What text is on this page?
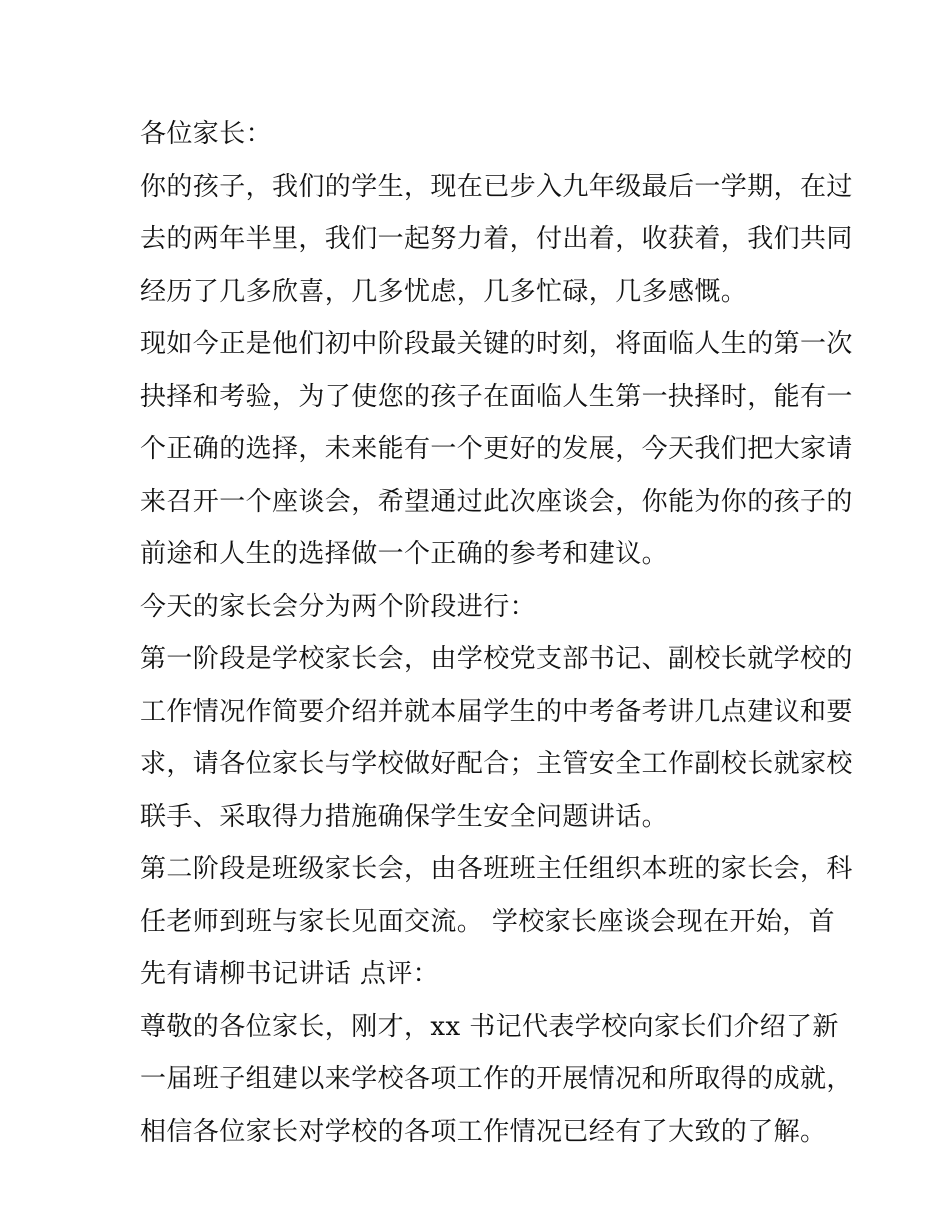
各位家长：
你的孩子，我们的学生，现在已步入九年级最后一学期，在过
去的两年半里，我们一起努力着，付出着，收获着，我们共同
经历了几多欣喜，几多忧虑，几多忙碌，几多感慨。
现如今正是他们初中阶段最关键的时刻，将面临人生的第一次
抉择和考验，为了使您的孩子在面临人生第一抉择时，能有一
个正确的选择，未来能有一个更好的发展，今天我们把大家请
来召开一个座谈会，希望通过此次座谈会，你能为你的孩子的
前途和人生的选择做一个正确的参考和建议。
今天的家长会分为两个阶段进行：
第一阶段是学校家长会，由学校党支部书记、副校长就学校的
工作情况作简要介绍并就本届学生的中考备考讲几点建议和要
求，请各位家长与学校做好配合；主管安全工作副校长就家校
联手、采取得力措施确保学生安全问题讲话。
第二阶段是班级家长会，由各班班主任组织本班的家长会，科
任老师到班与家长见面交流。 学校家长座谈会现在开始，首
先有请柳书记讲话 点评：
尊敬的各位家长，刚才，xx 书记代表学校向家长们介绍了新
一届班子组建以来学校各项工作的开展情况和所取得的成就，
相信各位家长对学校的各项工作情况已经有了大致的了解。
